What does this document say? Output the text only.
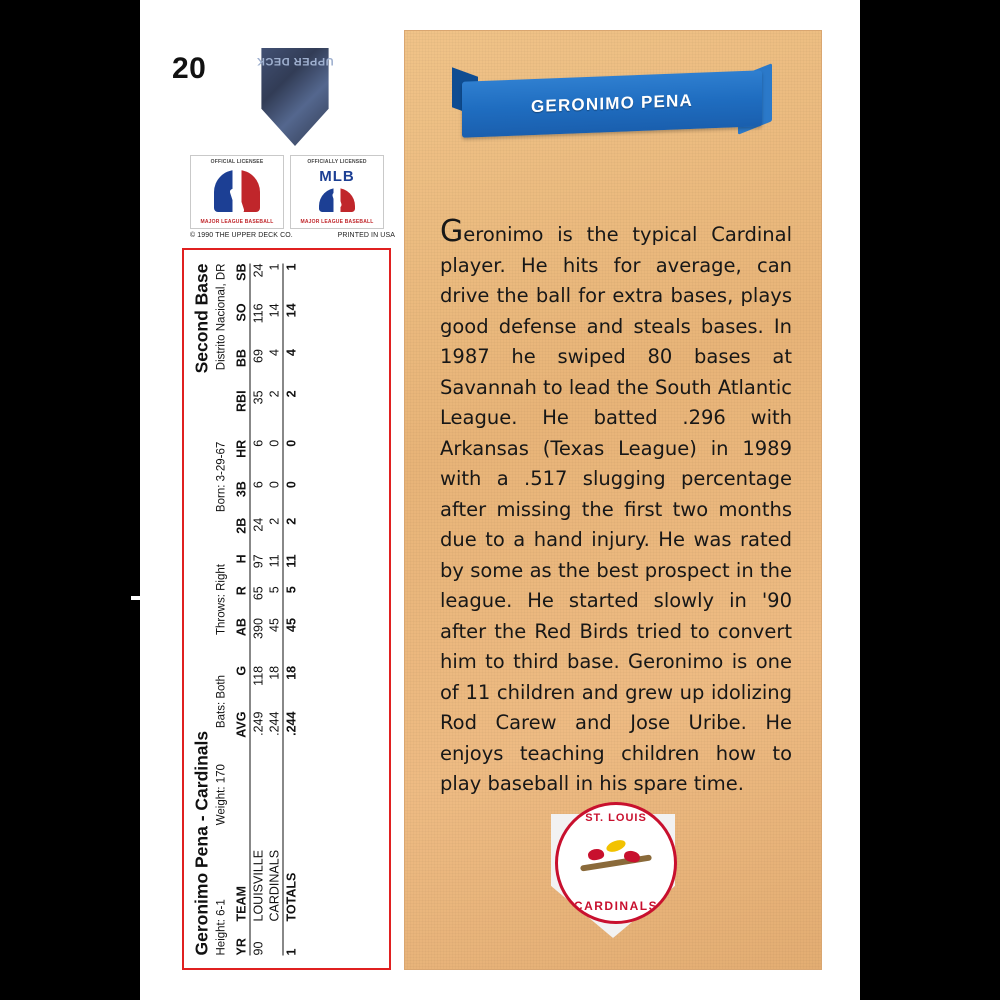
20	UPPER DECK
OFFICIAL LICENSEE
MAJOR LEAGUE BASEBALL
OFFICIALLY LICENSED
MLB
MAJOR LEAGUE BASEBALL
© 1990 THE UPPER DECK CO.	PRINTED IN USA
Geronimo Pena - Cardinals
Second Base
Height: 6-1
Weight: 170
Bats: Both
Throws: Right
Born: 3-29-67
Distrito Nacional, DR
YR	TEAM	AVG	G	AB	R	H	2B	3B	HR	RBI	BB	SO	SB
90	LOUISVILLE	.249	118	390	65	97	24	6	6	35	69	116	24
	CARDINALS	.244	18	45	5	11	2	0	0	2	4	14	1
1	TOTALS	.244	18	45	5	11	2	0	0	2	4	14	1
GERONIMO PENA
Geronimo is the typical Cardinal player. He hits for average, can drive the ball for extra bases, plays good defense and steals bases. In 1987 he swiped 80 bases at Savannah to lead the South Atlantic League. He batted .296 with Arkansas (Texas League) in 1989 with a .517 slugging percentage after missing the first two months due to a hand injury. He was rated by some as the best prospect in the league. He started slowly in '90 after the Red Birds tried to convert him to third base. Geronimo is one of 11 children and grew up idolizing Rod Carew and Jose Uribe. He enjoys teaching children how to play baseball in his spare time.
ST. LOUIS
CARDINALS
